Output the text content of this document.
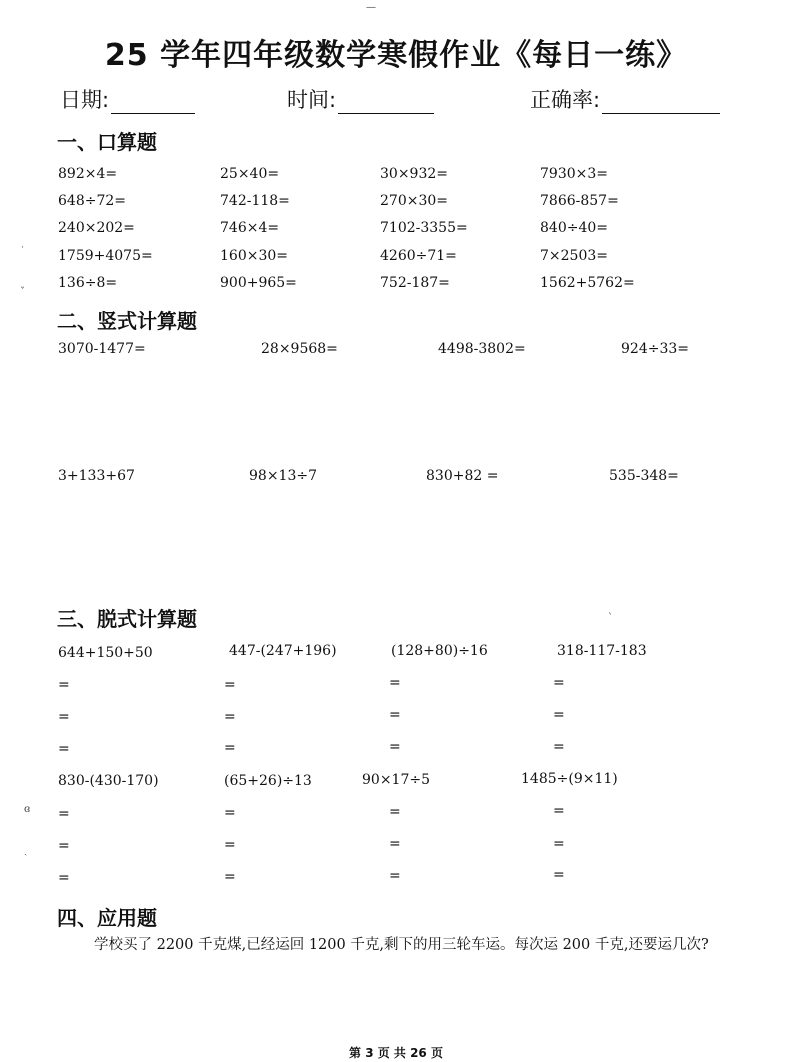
—
25 学年四年级数学寒假作业《每日一练》
日期:	时间:	正确率:
一、口算题
892×4=	25×40=	30×932=	7930×3=
648÷72=	742-118=	270×30=	7866-857=
240×202=	746×4=	7102-3355=	840÷40=
1759+4075=	160×30=	4260÷71=	7×2503=
136÷8=	900+965=	752-187=	1562+5762=
˙
ˇ
二、竖式计算题
3070-1477=	28×9568=	4498-3802=	924÷33=
3+133+67	98×13÷7	830+82 =	535-348=
三、脱式计算题	ˋ
644+150+50	447-(247+196)	(128+80)÷16	318-117-183
=	=	=	=
=	=	=	=
=	=	=	=
830-(430-170)	(65+26)÷13	90×17÷5	1485÷(9×11)
=	=	=	=
=	=	=	=
=	=	=	=
ɞ
ˏ
四、应用题
学校买了 2200 千克煤,已经运回 1200 千克,剩下的用三轮车运。每次运 200 千克,还要运几次?
第 3 页 共 26 页
